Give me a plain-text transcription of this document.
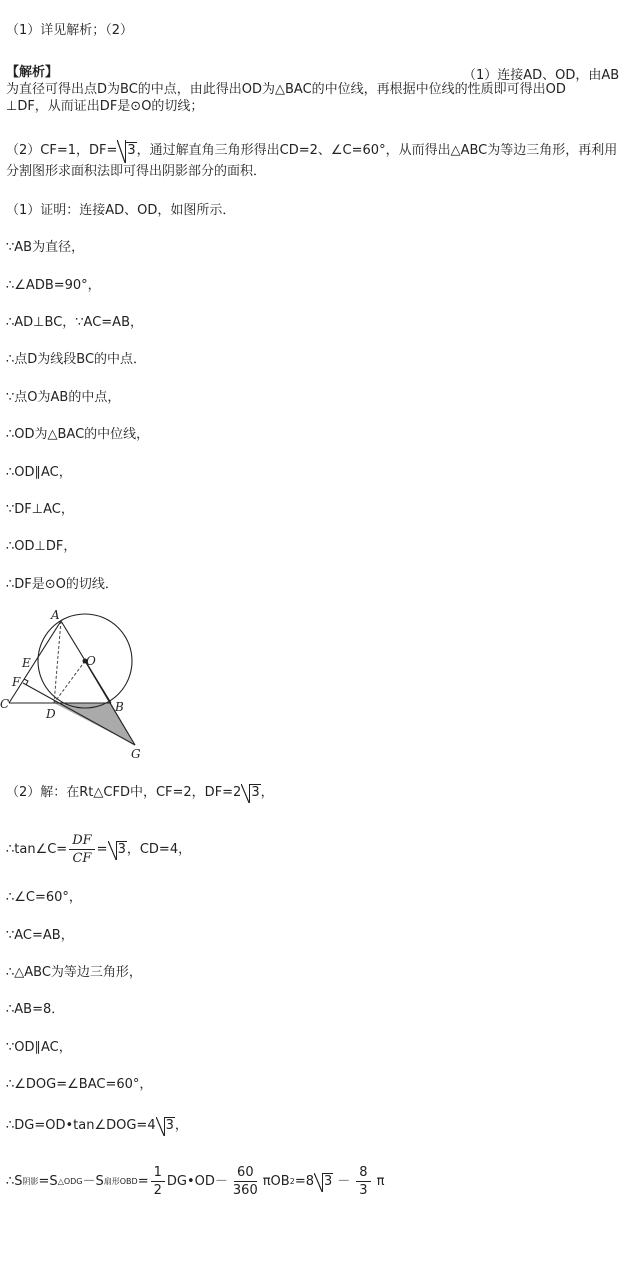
（1）详见解析；（2）
【解析】	（1）连接AD、OD，由AB
为直径可得出点D为BC的中点，由此得出OD为△BAC的中位线，再根据中位线的性质即可得出OD
⊥DF，从而证出DF是⊙O的切线；
（2）CF=1，DF= 3，通过解直角三角形得出CD=2、∠C=60°，从而得出△ABC为等边三角形，再利用分割图形求面积法即可得出阴影部分的面积．
（1）证明：连接AD、OD，如图所示．
∵AB为直径，
∴∠ADB=90°，
∴AD⊥BC，∵AC=AB，
∴点D为线段BC的中点．
∵点O为AB的中点，
∴OD为△BAC的中位线，
∴OD∥AC，
∵DF⊥AC，
∴OD⊥DF，
∴DF是⊙O的切线．
A
E	O
F
C
D	B
G
（2）解：在Rt△CFD中，CF=2，DF=2 3，
∴tan∠C= $\frac{DF}{CF} = 3$ ，CD=4，
∴∠C=60°，
∵AC=AB，
∴△ABC为等边三角形，
∴AB=8．
∵OD∥AC，
∴∠DOG=∠BAC=60°，
∴DG=OD•tan∠DOG=4 3，
∴S 阴影 =S △ODG －S 扇形OBD = $\frac{1}{2}$ DG•OD－ $\frac{60}{360}$ πOB 2 =8 $3 - \frac{8}{3}$ π
